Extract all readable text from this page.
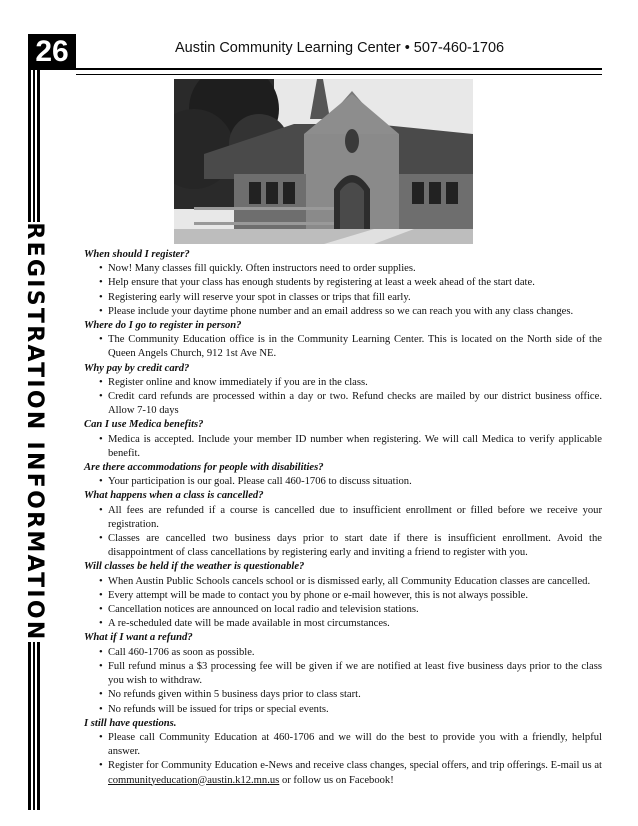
26	Austin Community Learning Center • 507-460-1706
REGISTRATION INFORMATION	When should I register?

• Now! Many classes fill quickly. Often instructors need to order supplies.

• Help ensure that your class has enough students by registering at least a week ahead of the start date.

• Registering early will reserve your spot in classes or trips that fill early.

• Please include your daytime phone number and an email address so we can reach you with any class changes.

Where do I go to register in person?

• The Community Education office is in the Community Learning Center. This is located on the North side of the Queen Angels Church, 912 1st Ave NE.

Why pay by credit card?

• Register online and know immediately if you are in the class.

• Credit card refunds are processed within a day or two. Refund checks are mailed by our district business office. Allow 7-10 days

Can I use Medica benefits?

• Medica is accepted. Include your member ID number when registering. We will call Medica to verify applicable benefit.

Are there accommodations for people with disabilities?

• Your participation is our goal. Please call 460-1706 to discuss situation.

What happens when a class is cancelled?

• All fees are refunded if a course is cancelled due to insufficient enrollment or filled before we receive your registration.

• Classes are cancelled two business days prior to start date if there is insufficient enrollment. Avoid the disappointment of class cancellations by registering early and inviting a friend to register with you.

Will classes be held if the weather is questionable?

• When Austin Public Schools cancels school or is dismissed early, all Community Education classes are cancelled.

• Every attempt will be made to contact you by phone or e-mail however, this is not always possible.

• Cancellation notices are announced on local radio and television stations.

• A re-scheduled date will be made available in most circumstances.

What if I want a refund?

• Call 460-1706 as soon as possible.

• Full refund minus a $3 processing fee will be given if we are notified at least five business days prior to the class you wish to withdraw.

• No refunds given within 5 business days prior to class start.

• No refunds will be issued for trips or special events.

I still have questions.

• Please call Community Education at 460-1706 and we will do the best to provide you with a friendly, helpful answer.

• Register for Community Education e-News and receive class changes, special offers, and trip offerings. E-mail us at communityeducation@austin.k12.mn.us or follow us on Facebook!
